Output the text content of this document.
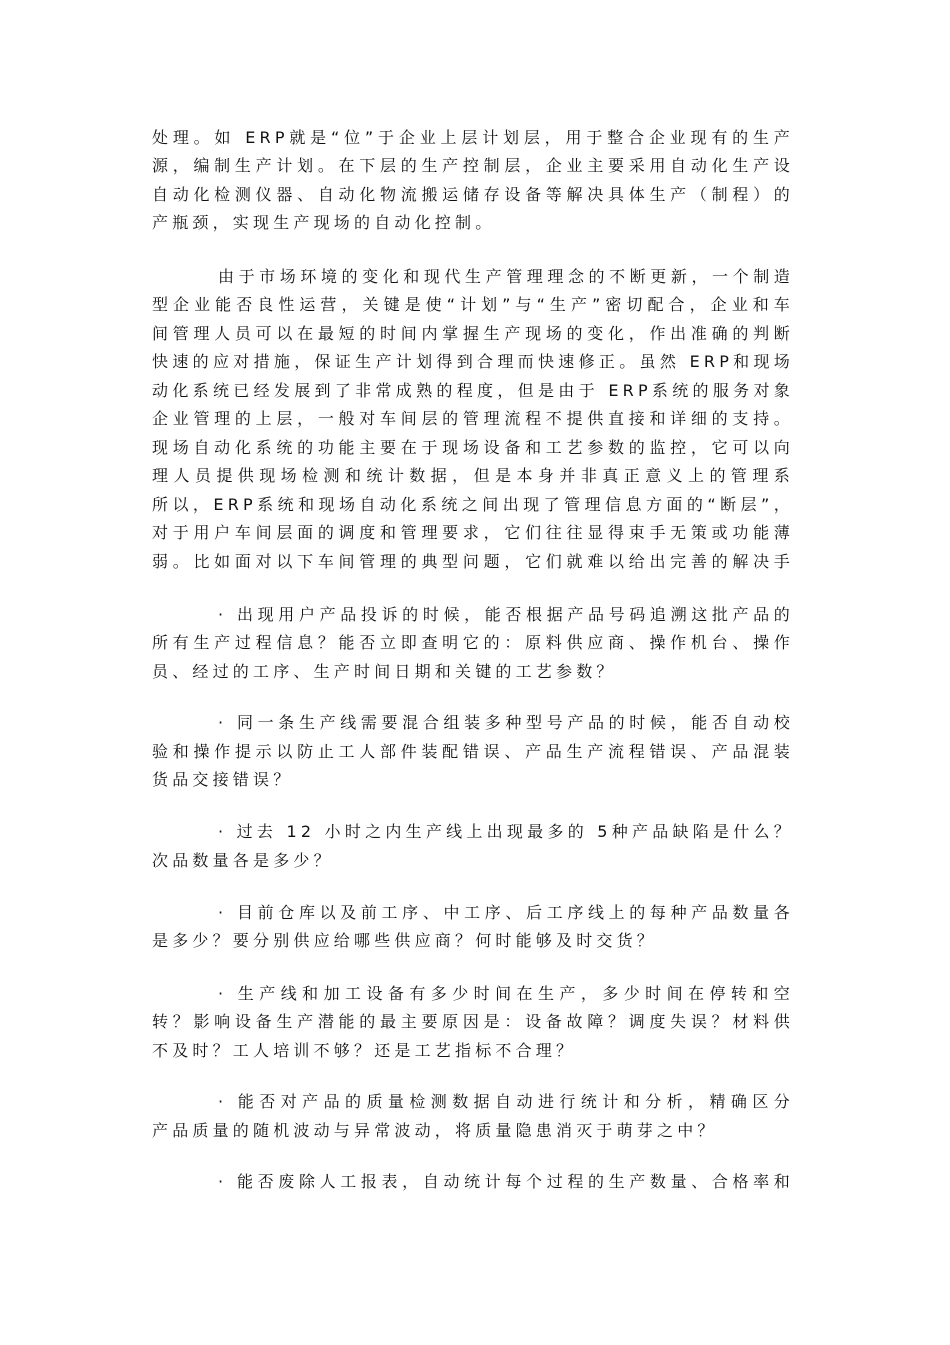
处理。如 ERP就是“位”于企业上层计划层，用于整合企业现有的生产
源，编制生产计划。在下层的生产控制层，企业主要采用自动化生产设
自动化检测仪器、自动化物流搬运储存设备等解决具体生产（制程）的
产瓶颈，实现生产现场的自动化控制。
由于市场环境的变化和现代生产管理理念的不断更新，一个制造
型企业能否良性运营，关键是使“计划”与“生产”密切配合，企业和车
间管理人员可以在最短的时间内掌握生产现场的变化，作出准确的判断
快速的应对措施，保证生产计划得到合理而快速修正。虽然 ERP和现场
动化系统已经发展到了非常成熟的程度，但是由于 ERP系统的服务对象
企业管理的上层，一般对车间层的管理流程不提供直接和详细的支持。
现场自动化系统的功能主要在于现场设备和工艺参数的监控，它可以向
理人员提供现场检测和统计数据，但是本身并非真正意义上的管理系
所以，ERP系统和现场自动化系统之间出现了管理信息方面的“断层”，
对于用户车间层面的调度和管理要求，它们往往显得束手无策或功能薄
弱。比如面对以下车间管理的典型问题，它们就难以给出完善的解决手
· 出现用户产品投诉的时候，能否根据产品号码追溯这批产品的
所有生产过程信息？能否立即查明它的：原料供应商、操作机台、操作
员、经过的工序、生产时间日期和关键的工艺参数？
· 同一条生产线需要混合组装多种型号产品的时候，能否自动校
验和操作提示以防止工人部件装配错误、产品生产流程错误、产品混装
货品交接错误？
· 过去 12 小时之内生产线上出现最多的 5种产品缺陷是什么？
次品数量各是多少？
· 目前仓库以及前工序、中工序、后工序线上的每种产品数量各
是多少？要分别供应给哪些供应商？何时能够及时交货？
· 生产线和加工设备有多少时间在生产，多少时间在停转和空
转？影响设备生产潜能的最主要原因是：设备故障？调度失误？材料供
不及时？工人培训不够？还是工艺指标不合理？
· 能否对产品的质量检测数据自动进行统计和分析，精确区分
产品质量的随机波动与异常波动，将质量隐患消灭于萌芽之中？
· 能否废除人工报表，自动统计每个过程的生产数量、合格率和
